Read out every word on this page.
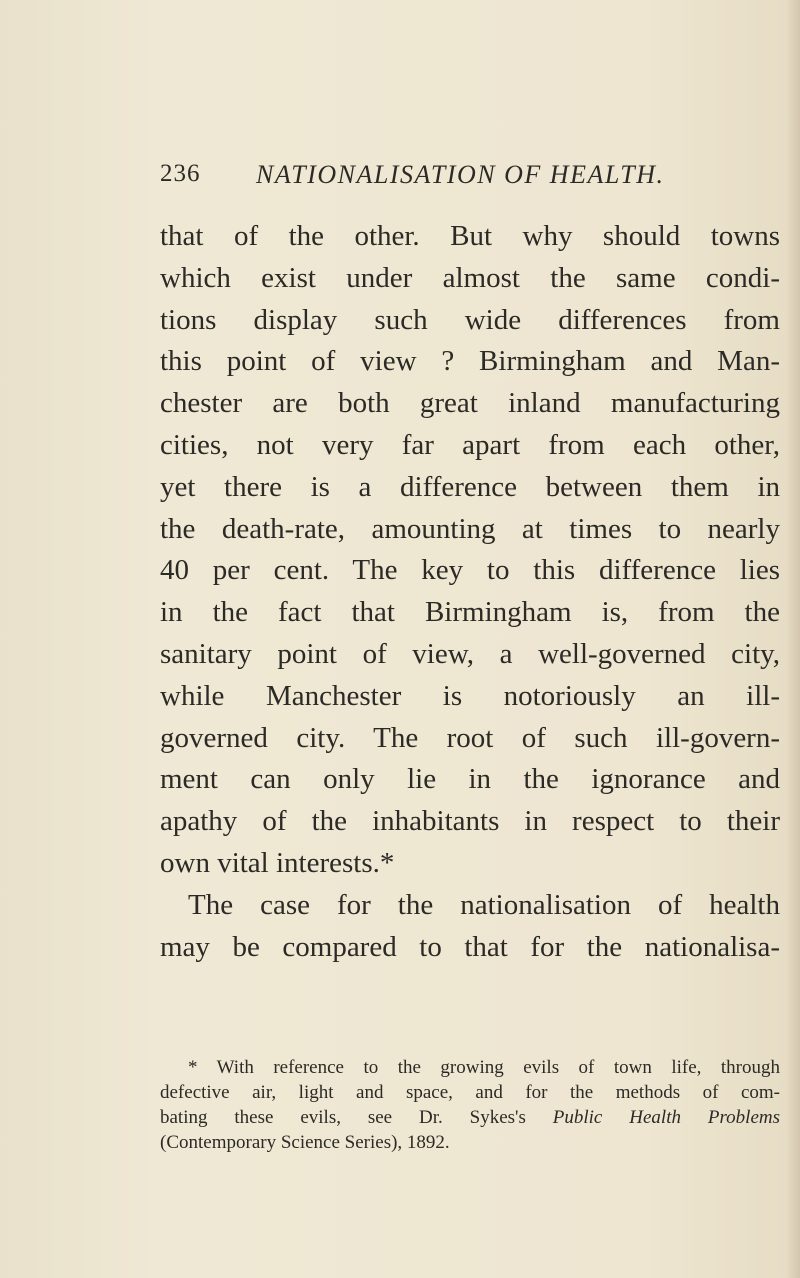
236 NATIONALISATION OF HEALTH.
that of the other. But why should towns
which exist under almost the same condi-
tions display such wide differences from
this point of view ? Birmingham and Man-
chester are both great inland manufacturing
cities, not very far apart from each other,
yet there is a difference between them in
the death-rate, amounting at times to nearly
40 per cent. The key to this difference lies
in the fact that Birmingham is, from the
sanitary point of view, a well-governed city,
while Manchester is notoriously an ill-
governed city. The root of such ill-govern-
ment can only lie in the ignorance and
apathy of the inhabitants in respect to their
own vital interests.*
The case for the nationalisation of health
may be compared to that for the nationalisa-
* With reference to the growing evils of town life, through
defective air, light and space, and for the methods of com-
bating these evils, see Dr. Sykes's Public Health Problems
(Contemporary Science Series), 1892.
